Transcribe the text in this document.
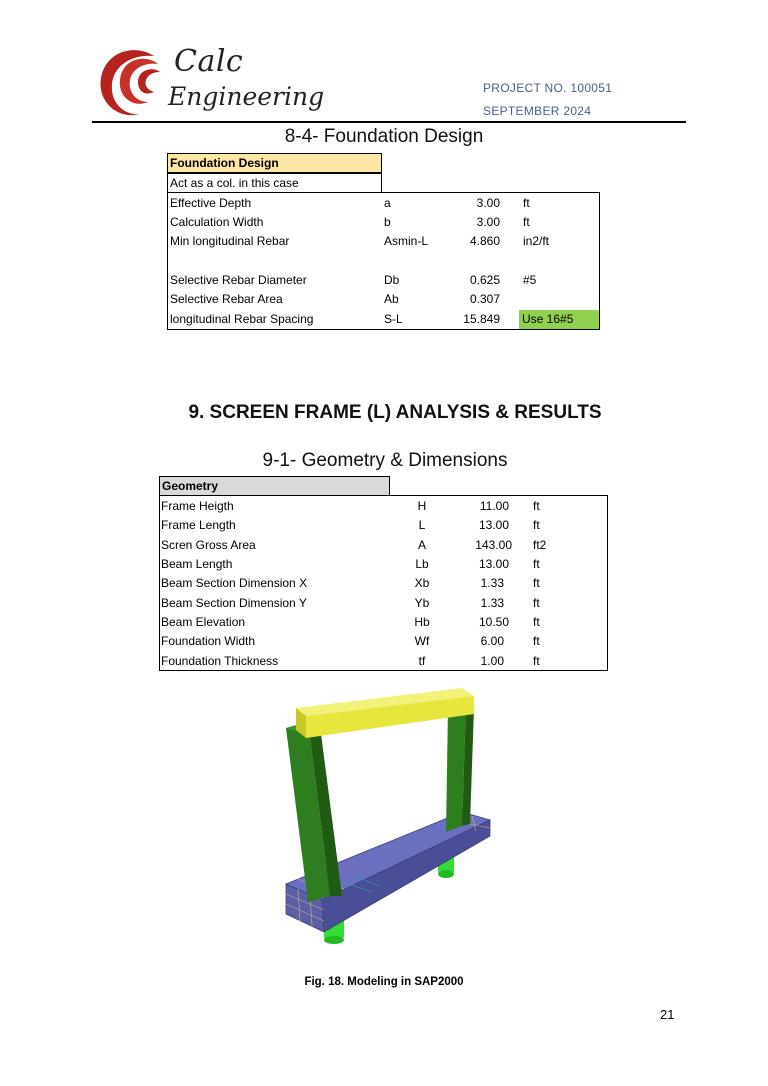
Calc
Engineering	PROJECT NO. 100051
SEPTEMBER 2024
8-4- Foundation Design
Foundation Design
Act as a col. in this case
Effective Depth	a	3.00 ft
Calculation Width	b	3.00 ft
Min longitudinal Rebar	Asmin-L	4.860 in2/ft
Selective Rebar Diameter	Db	0.625 #5
Selective Rebar Area	Ab	0.307
longitudinal Rebar Spacing	S-L	15.849 Use 16#5
9. SCREEN FRAME (L) ANALYSIS & RESULTS
9-1- Geometry & Dimensions
Geometry
Frame Heigth	H	11.00 ft
Frame Length	L	13.00 ft
Scren Gross Area	A	143.00 ft2
Beam Length	Lb	13.00 ft
Beam Section Dimension X	Xb	1.33 ft
Beam Section Dimension Y	Yb	1.33 ft
Beam Elevation	Hb	10.50 ft
Foundation Width	Wf	6.00 ft
Foundation Thickness	tf	1.00 ft
Fig. 18. Modeling in SAP2000
21
